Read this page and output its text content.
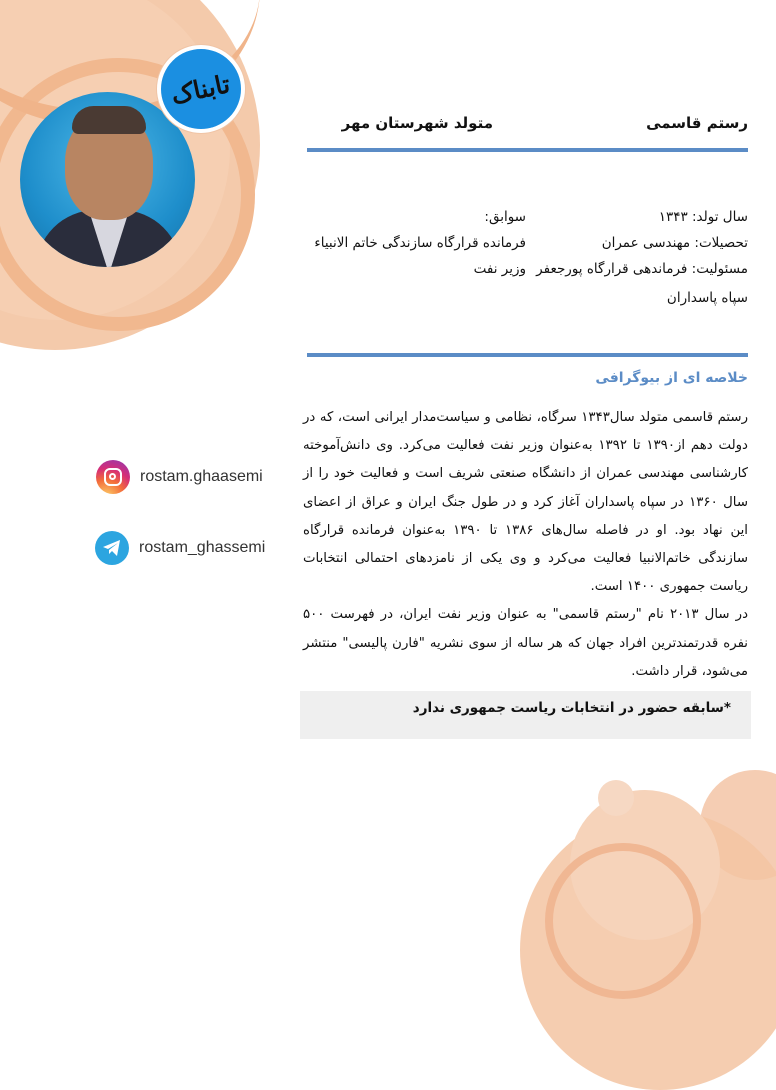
تابناک
رستم قاسمی
متولد شهرستان مهر
سال تولد: ۱۳۴۳
تحصیلات: مهندسی عمران
مسئولیت: فرماندهی قرارگاه پورجعفر
سپاه پاسداران
سوابق:
فرمانده قرارگاه سازندگی خاتم الانبیاء
وزیر نفت
خلاصه ای از بیوگرافی

رستم قاسمی متولد سال۱۳۴۳ سرگاه، نظامی و سیاست‌مدار ایرانی است، که در دولت دهم از۱۳۹۰ تا ۱۳۹۲ به‌عنوان وزیر نفت فعالیت می‌کرد. وی دانش‌آموخته کارشناسی مهندسی عمران از دانشگاه صنعتی شریف است و فعالیت خود را از سال ۱۳۶۰ در سپاه پاسداران آغاز کرد و در طول جنگ ایران و عراق از اعضای این نهاد بود. او در فاصله سال‌های ۱۳۸۶ تا ۱۳۹۰ به‌عنوان فرمانده قرارگاه سازندگی خاتم‌الانبیا فعالیت می‌کرد و وی یکی از نامزدهای احتمالی انتخابات ریاست جمهوری ۱۴۰۰ است.

در سال ۲۰۱۳ نام "رستم قاسمی" به عنوان وزیر نفت ایران، در فهرست ۵۰۰ نفره قدرتمندترین افراد جهان که هر ساله از سوی نشریه "فارن پالیسی" منتشر می‌شود، قرار داشت.

*سابقه حضور در انتخابات ریاست جمهوری ندارد
rostam.ghaasemi
rostam_ghassemi
